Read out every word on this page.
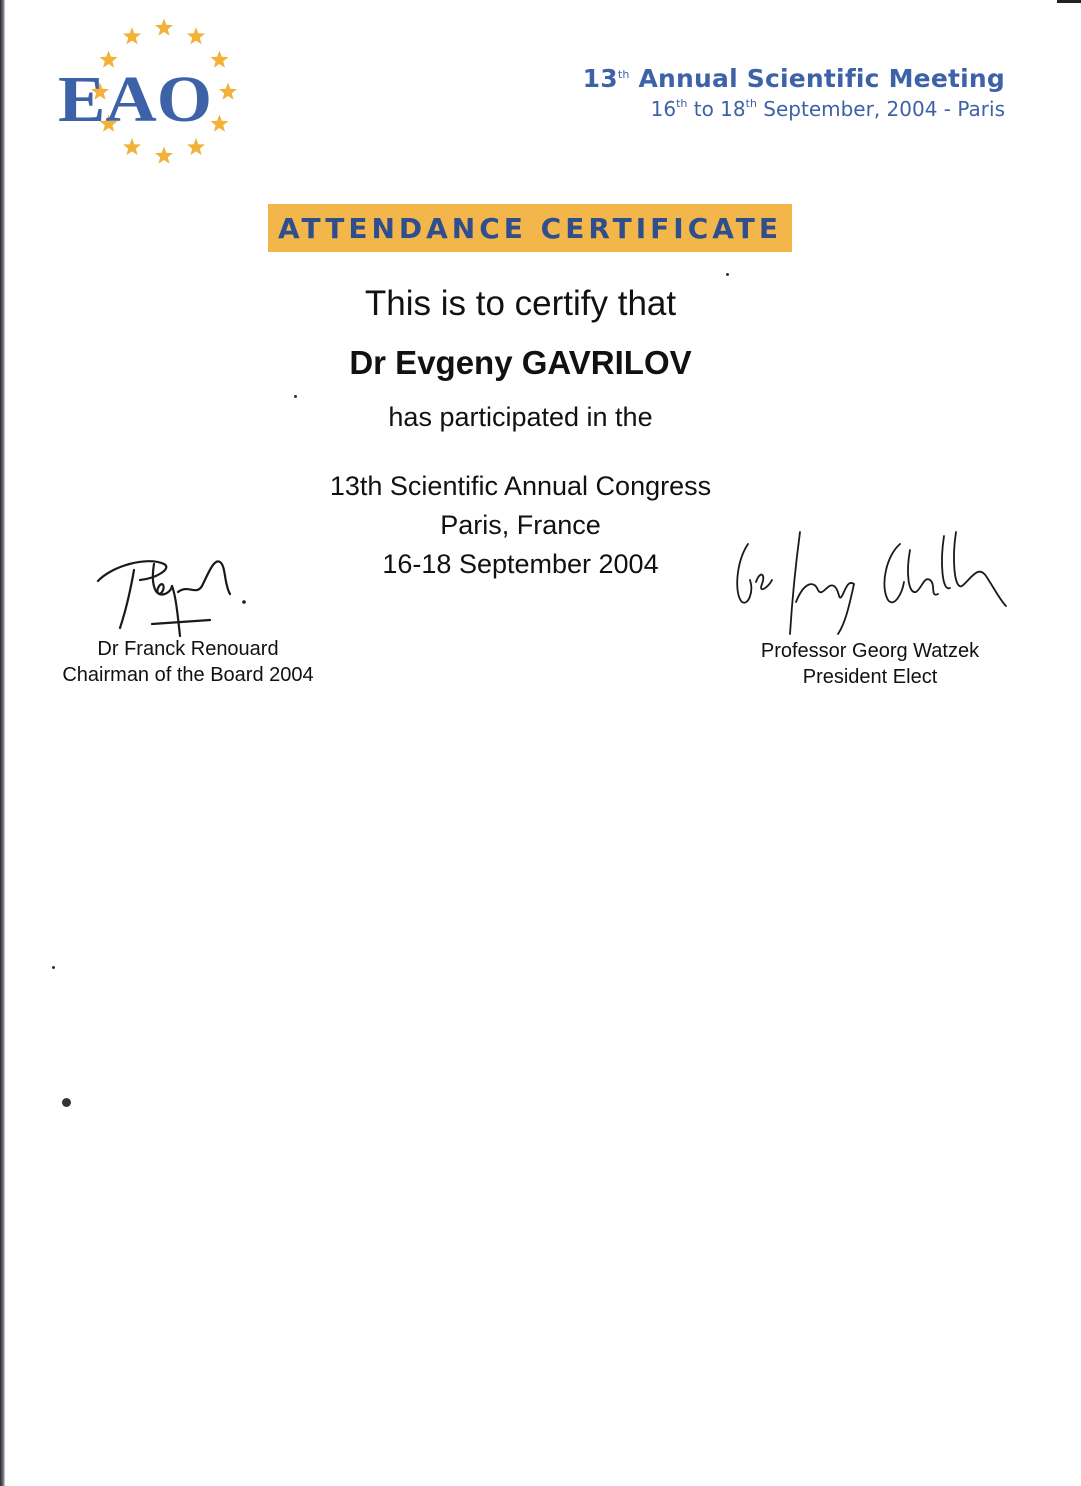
EAO	13th Annual Scientific Meeting
16th to 18th September, 2004 - Paris
ATTENDANCE CERTIFICATE
This is to certify that
Dr Evgeny GAVRILOV
has participated in the
13th Scientific Annual Congress
Paris, France
16-18 September 2004
Dr Franck Renouard
Chairman of the Board 2004
Professor Georg Watzek
President Elect
